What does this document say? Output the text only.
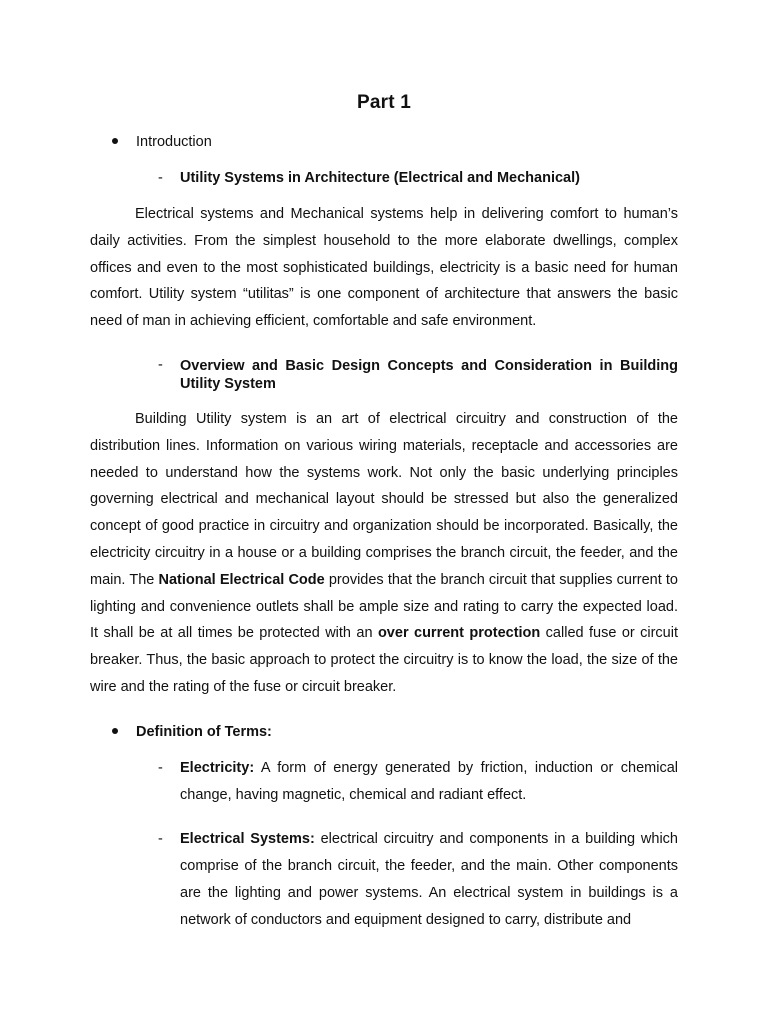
Part 1
Introduction
-	Utility Systems in Architecture (Electrical and Mechanical)

Electrical systems and Mechanical systems help in delivering comfort to human’s daily activities. From the simplest household to the more elaborate dwellings, complex offices and even to the most sophisticated buildings, electricity is a basic need for human comfort. Utility system “utilitas” is one component of architecture that answers the basic need of man in achieving efficient, comfortable and safe environment.

-	Overview and Basic Design Concepts and Consideration in Building Utility System

Building Utility system is an art of electrical circuitry and construction of the distribution lines. Information on various wiring materials, receptacle and accessories are needed to understand how the systems work. Not only the basic underlying principles governing electrical and mechanical layout should be stressed but also the generalized concept of good practice in circuitry and organization should be incorporated. Basically, the electricity circuitry in a house or a building comprises the branch circuit, the feeder, and the main. The National Electrical Code provides that the branch circuit that supplies current to lighting and convenience outlets shall be ample size and rating to carry the expected load. It shall be at all times be protected with an over current protection called fuse or circuit breaker. Thus, the basic approach to protect the circuitry is to know the load, the size of the wire and the rating of the fuse or circuit breaker.

Definition of Terms:
-	Electricity: A form of energy generated by friction, induction or chemical change, having magnetic, chemical and radiant effect.
-	Electrical Systems: electrical circuitry and components in a building which comprise of the branch circuit, the feeder, and the main. Other components are the lighting and power systems. An electrical system in buildings is a network of conductors and equipment designed to carry, distribute and
